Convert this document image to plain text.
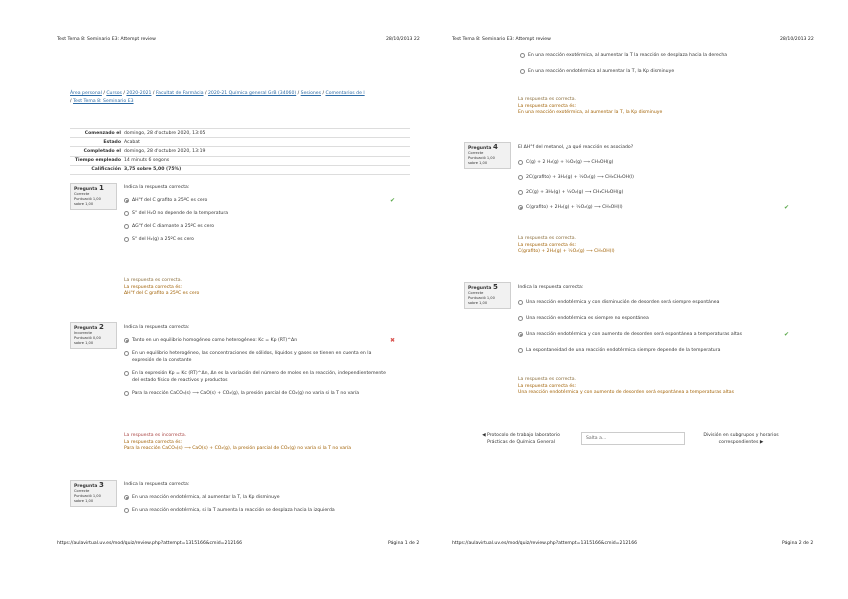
Test Tema 8: Seminario E3: Attempt review	28/10/2013 22
Área personal / Cursos / 2020-2021 / Facultat de Farmàcia / 2020-21 Química general GrB (34060) / Sesiones / Comentarios de l
/ Test Tema 8: Seminario E3
Comenzado el domingo, 28 d'octubre 2020, 13:05
Estado Acabat
Completado el domingo, 28 d'octubre 2020, 13:19
Tiempo empleado 14 minuts 6 segons
Calificación 3,75 sobre 5,00 (75%)
Pregunta 1
Correcte
Puntuació 1,00
sobre 1,00
Indica la respuesta correcta:
ΔH°f del C grafito a 25ºC es cero	✔
S° del H₂O no depende de la temperatura
ΔG°f del C diamante a 25ºC es cero
S° del H₂(g) a 25ºC es cero
La respuesta es correcta.
La respuesta correcta és:
ΔH°f del C grafito a 25ºC es cero
Pregunta 2
Incorrecte
Puntuació 0,00
sobre 1,00
Indica la respuesta correcta:
Tanto en un equilibrio homogéneo como heterogéneo: Kc = Kp (RT)^Δn	✖
En un equilibrio heterogéneo, las concentraciones de sólidos, líquidos y gases se tienen en cuenta en la expresión de la constante
En la expresión Kp = Kc (RT)^Δn, Δn es la variación del número de moles en la reacción, independientemente del estado físico de reactivos y productos
Para la reacción CaCO₃(s) ⟶ CaO(s) + CO₂(g), la presión parcial de CO₂(g) no varía si la T no varía
La respuesta es incorrecta.
La respuesta correcta és:
Para la reacción CaCO₃(s) ⟶ CaO(s) + CO₂(g), la presión parcial de CO₂(g) no varía si la T no varía
Pregunta 3
Correcte
Puntuació 1,00
sobre 1,00
Indica la respuesta correcta:
En una reacción endotérmica, al aumentar la T, la Kp disminuye
En una reacción endotérmica, si la T aumenta la reacción se desplaza hacia la izquierda
https://aulavirtual.uv.es/mod/quiz/review.php?attempt=1315166&cmid=212166	Página 1 de 2
Test Tema 8: Seminario E3: Attempt review	28/10/2013 22
En una reacción exotérmica, al aumentar la T la reacción se desplaza hacia la derecha
En una reacción endotérmica al aumentar la T, la Kp disminuye
La respuesta es correcta.
La respuesta correcta és:
En una reacción exotérmica, al aumentar la T, la Kp disminuye
Pregunta 4
Correcte
Puntuació 1,00
sobre 1,00
El ΔH°f del metanol, ¿a qué reacción es asociado?
C(g) + 2 H₂(g) + ½O₂(g) ⟶ CH₃OH(g)
2C(grafito) + 3H₂(g) + ½O₂(g) ⟶ CH₃CH₂OH(l)
2C(g) + 3H₂(g) + ½O₂(g) ⟶ CH₃CH₂OH(g)
C(grafito) + 2H₂(g) + ½O₂(g) ⟶ CH₃OH(l)	✔
La respuesta es correcta.
La respuesta correcta és:
C(grafito) + 2H₂(g) + ½O₂(g) ⟶ CH₃OH(l)
Pregunta 5
Correcte
Puntuació 1,00
sobre 1,00
Indica la respuesta correcta:
Una reacción endotérmica y con disminución de desorden será siempre espontánea
Una reacción endotérmica es siempre no espontánea
Una reacción endotérmica y con aumento de desorden será espontánea a temperaturas altas	✔
La espontaneidad de una reacción endotérmica siempre depende de la temperatura
La respuesta es correcta.
La respuesta correcta és:
Una reacción endotérmica y con aumento de desorden será espontánea a temperaturas altas
◀ Protocolo de trabajo laboratorio Prácticas de Química General
División en subgrupos y horarios correspondientes ▶
https://aulavirtual.uv.es/mod/quiz/review.php?attempt=1315166&cmid=212166	Página 2 de 2
Salta a...
